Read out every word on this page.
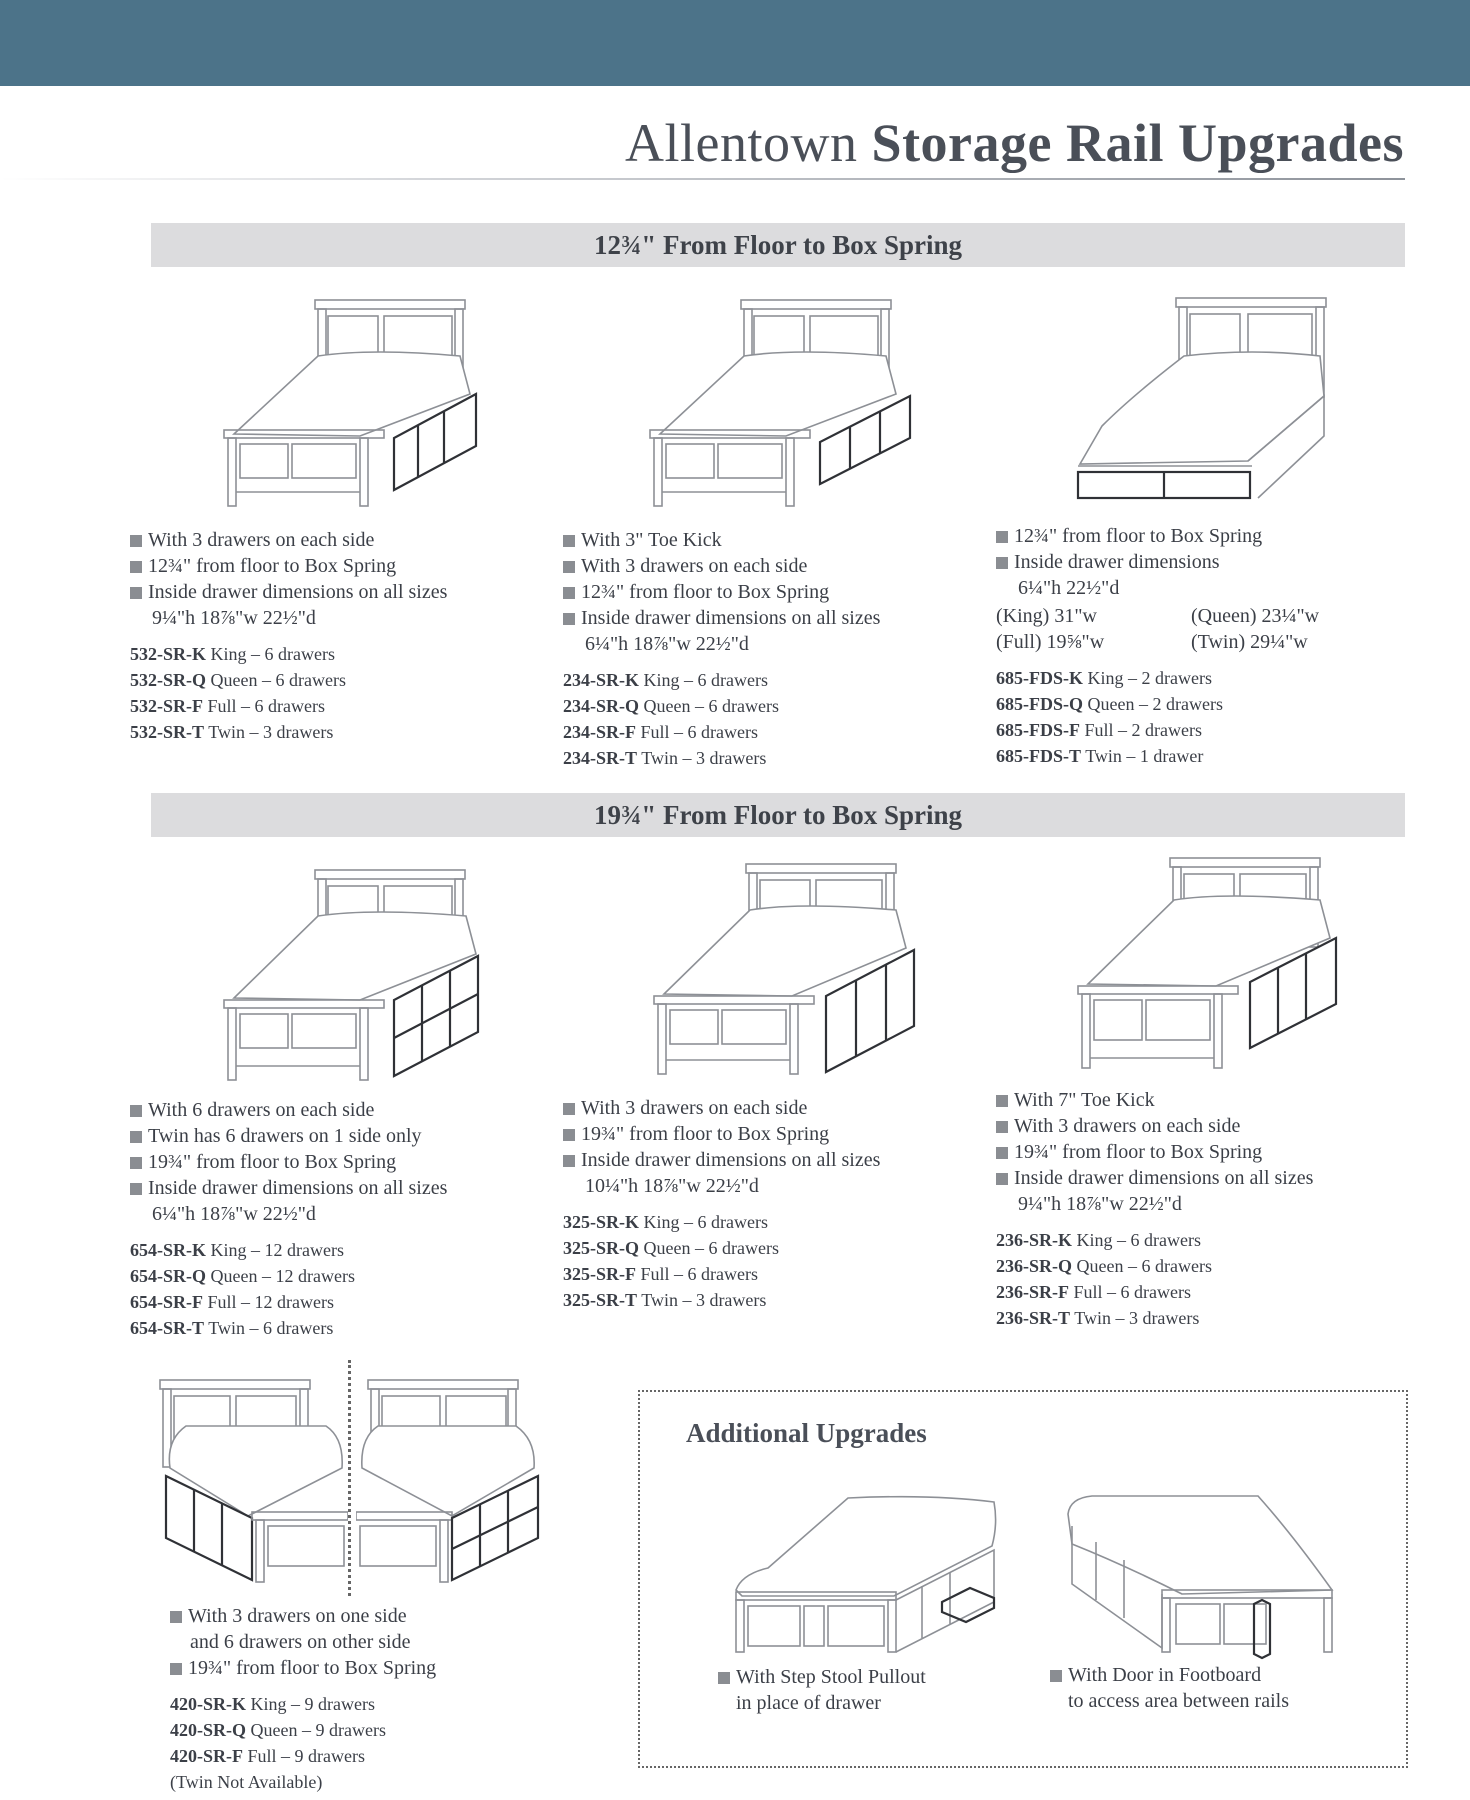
Allentown Storage Rail Upgrades
12¾" From Floor to Box Spring
19¾" From Floor to Box Spring
With 3 drawers on each side
12¾" from floor to Box Spring
Inside drawer dimensions on all sizes
9¼"h 18⅞"w 22½"d
532-SR-K King – 6 drawers
532-SR-Q Queen – 6 drawers
532-SR-F Full – 6 drawers
532-SR-T Twin – 3 drawers
With 3" Toe Kick
With 3 drawers on each side
12¾" from floor to Box Spring
Inside drawer dimensions on all sizes
6¼"h 18⅞"w 22½"d
234-SR-K King – 6 drawers
234-SR-Q Queen – 6 drawers
234-SR-F Full – 6 drawers
234-SR-T Twin – 3 drawers
12¾" from floor to Box Spring
Inside drawer dimensions
6¼"h 22½"d
(King) 31"w	(Queen) 23¼"w
(Full) 19⅝"w	(Twin) 29¼"w
685-FDS-K King – 2 drawers
685-FDS-Q Queen – 2 drawers
685-FDS-F Full – 2 drawers
685-FDS-T Twin – 1 drawer
With 6 drawers on each side
Twin has 6 drawers on 1 side only
19¾" from floor to Box Spring
Inside drawer dimensions on all sizes
6¼"h 18⅞"w 22½"d
654-SR-K King – 12 drawers
654-SR-Q Queen – 12 drawers
654-SR-F Full – 12 drawers
654-SR-T Twin – 6 drawers
With 3 drawers on each side
19¾" from floor to Box Spring
Inside drawer dimensions on all sizes
10¼"h 18⅞"w 22½"d
325-SR-K King – 6 drawers
325-SR-Q Queen – 6 drawers
325-SR-F Full – 6 drawers
325-SR-T Twin – 3 drawers
With 7" Toe Kick
With 3 drawers on each side
19¾" from floor to Box Spring
Inside drawer dimensions on all sizes
9¼"h 18⅞"w 22½"d
236-SR-K King – 6 drawers
236-SR-Q Queen – 6 drawers
236-SR-F Full – 6 drawers
236-SR-T Twin – 3 drawers
With 3 drawers on one side
and 6 drawers on other side
19¾" from floor to Box Spring
420-SR-K King – 9 drawers
420-SR-Q Queen – 9 drawers
420-SR-F Full – 9 drawers
(Twin Not Available)
Additional Upgrades
With Step Stool Pullout
in place of drawer
With Door in Footboard
to access area between rails
